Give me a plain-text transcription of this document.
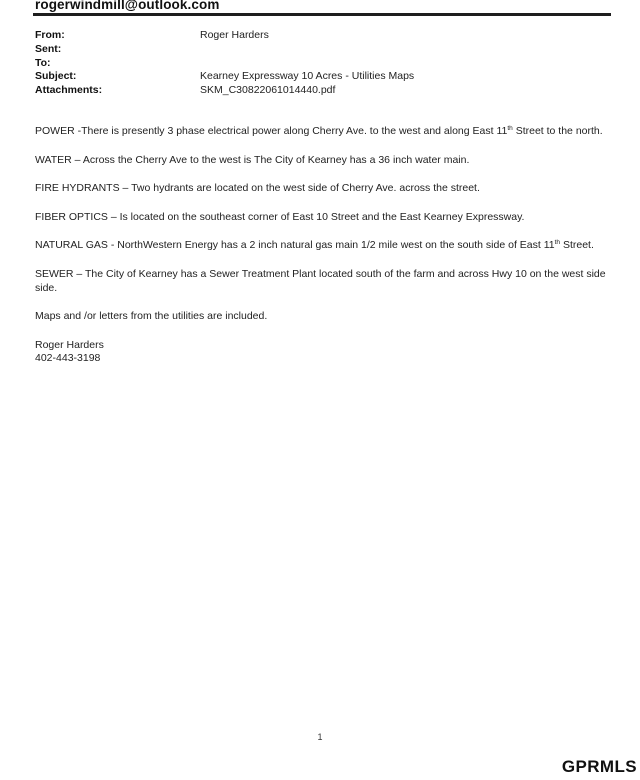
rogerwindmill@outlook.com
From:	Roger Harders
Sent:
To:
Subject:	Kearney Expressway 10 Acres - Utilities Maps
Attachments:	SKM_C30822061014440.pdf

POWER -There is presently 3 phase electrical power along Cherry Ave. to the west and along East 11th Street to the north.

WATER – Across the Cherry Ave to the west is The City of Kearney has a 36 inch water main.

FIRE HYDRANTS – Two hydrants are located on the west side of Cherry Ave. across the street.

FIBER OPTICS – Is located on the southeast corner of East 10 Street and the East Kearney Expressway.

NATURAL GAS - NorthWestern Energy has a 2 inch natural gas main 1/2 mile west on the south side of East 11th Street.

SEWER – The City of Kearney has a Sewer Treatment Plant located south of the farm and across Hwy 10 on the west side side.

Maps and /or letters from the utilities are included.

Roger Harders

402-443-3198

1
GPRMLS
